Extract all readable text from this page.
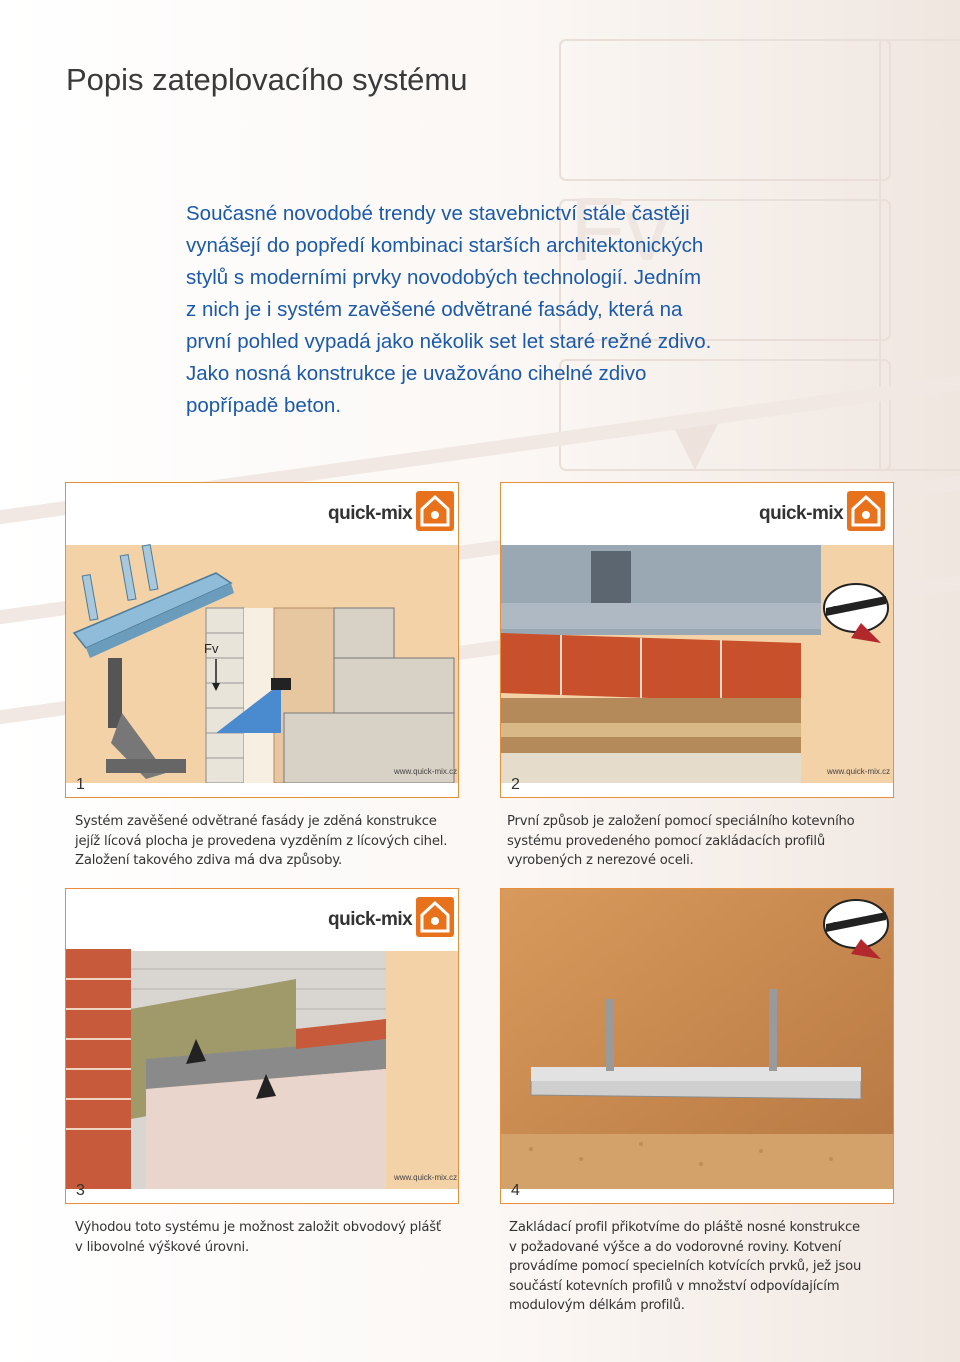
Fv
Popis zateplovacího systému
Současné novodobé trendy ve stavebnictví stále častěji
vynášejí do popředí kombinaci starších architektonických
stylů s moderními prvky novodobých technologií. Jedním
z nich je i systém zavěšené odvětrané fasády, která na
první pohled vypadá jako několik set let staré režné zdivo.
Jako nosná konstrukce je uvažováno cihelné zdivo
popřípadě beton.
quick-mix
Fv
www.quick-mix.cz
1
quick-mix
www.quick-mix.cz
2
Systém zavěšené odvětrané fasády je zděná konstrukce
jejíž lícová plocha je provedena vyzděním z lícových cihel.
Založení takového zdiva má dva způsoby.
První způsob je založení pomocí speciálního kotevního
systému provedeného pomocí zakládacích profilů
vyrobených z nerezové oceli.
quick-mix
www.quick-mix.cz
3	4
Výhodou toto systému je možnost založit obvodový plášť
v libovolné výškové úrovni.
Zakládací profil přikotvíme do pláště nosné konstrukce
v požadované výšce a do vodorovné roviny. Kotvení
provádíme pomocí specielních kotvících prvků, jež jsou
součástí kotevních profilů v množství odpovídajícím
modulovým délkám profilů.
